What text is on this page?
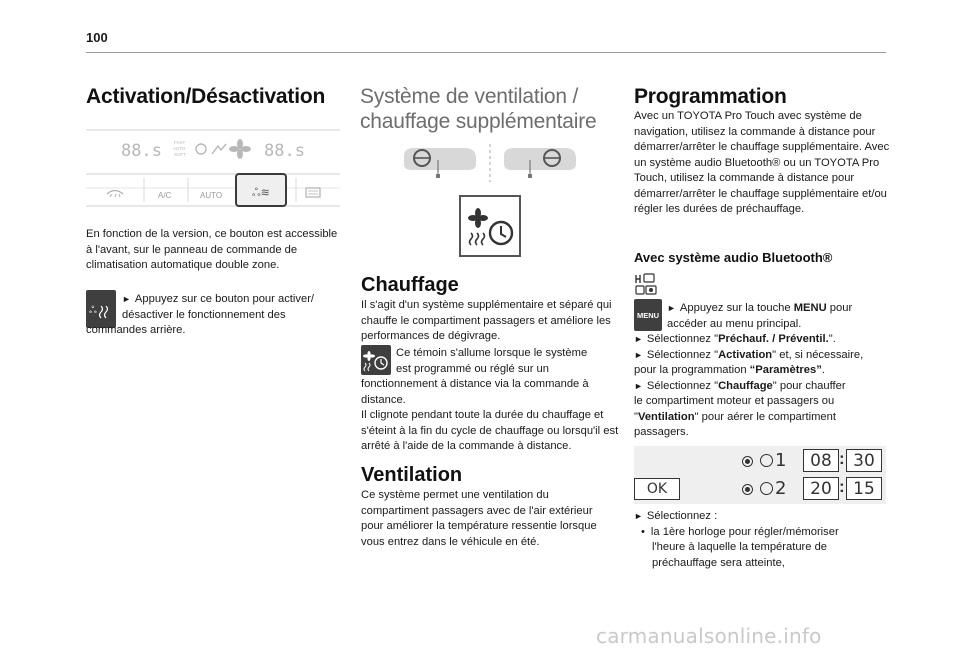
100
Activation/Désactivation
88.s	88.s
FAST
AUTO
SOFT
A/C	AUTO	ஃ≋

En fonction de la version, ce bouton est accessible à l'avant, sur le panneau de commande de climatisation automatique double zone.

ஃ
► Appuyez sur ce bouton pour activer/
désactiver le fonctionnement des
commandes arrière.
Système de ventilation /
chauffage supplémentaire
Chauffage

Il s'agit d'un système supplémentaire et séparé qui chauffe le compartiment passagers et améliore les performances de dégivrage.

Ce témoin s'allume lorsque le système
est programmé ou réglé sur un

fonctionnement à distance via la commande à distance.

Il clignote pendant toute la durée du chauffage et s'éteint à la fin du cycle de chauffage ou lorsqu'il est arrêté à l'aide de la commande à distance.

Ventilation

Ce système permet une ventilation du compartiment passagers avec de l'air extérieur pour améliorer la température ressentie lorsque vous entrez dans le véhicule en été.

Programmation

Avec un TOYOTA Pro Touch avec système de navigation, utilisez la commande à distance pour démarrer/arrêter le chauffage supplémentaire. Avec un système audio Bluetooth® ou un TOYOTA Pro Touch, utilisez la commande à distance pour démarrer/arrêter le chauffage supplémentaire et/ou régler les durées de préchauffage.

Avec système audio Bluetooth®
MENU
► Appuyez sur la touche MENU pour
accéder au menu principal.
► Sélectionnez "Préchauf. / Préventil.".
► Sélectionnez "Activation" et, si nécessaire,
pour la programmation “Paramètres”.
► Sélectionnez "Chauffage" pour chauffer
le compartiment moteur et passagers ou
"Ventilation" pour aérer le compartiment
passagers.
OK
1 08 : 30
2 20 : 15
► Sélectionnez :
• la 1ère horloge pour régler/mémoriser
l'heure à laquelle la température de
préchauffage sera atteinte,
carmanualsonline.info
